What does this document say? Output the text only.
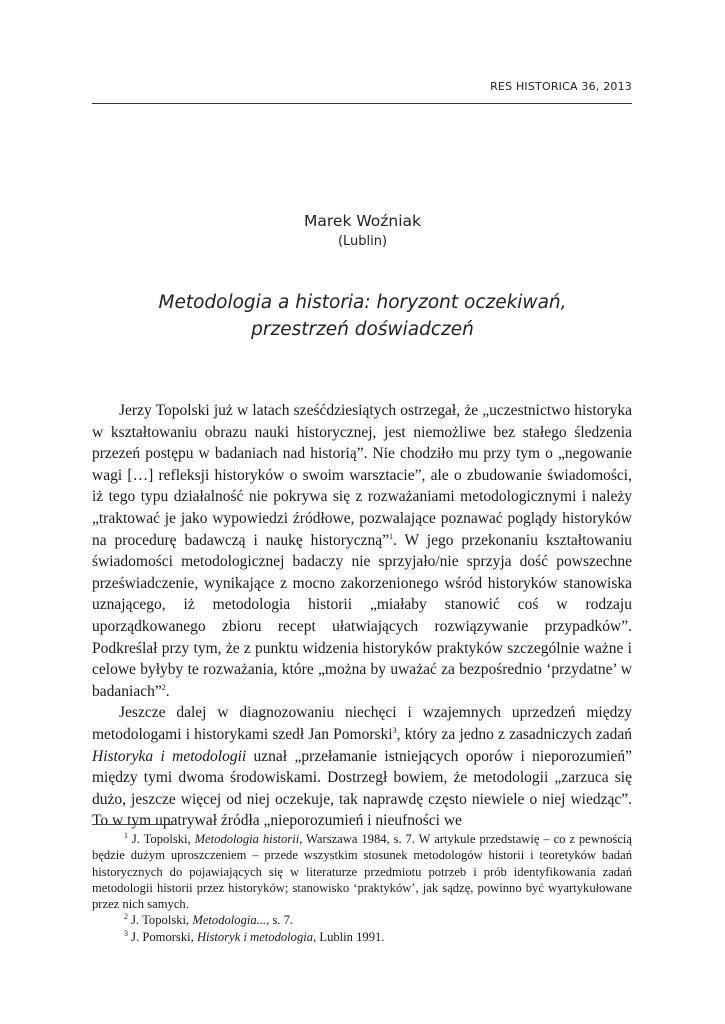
RES HISTORICA 36, 2013
Marek Woźniak
(Lublin)
Metodologia a historia: horyzont oczekiwań,
przestrzeń doświadczeń

Jerzy Topolski już w latach sześćdziesiątych ostrzegał, że „uczestnictwo historyka w kształtowaniu obrazu nauki historycznej, jest niemożliwe bez stałego śledzenia przezeń postępu w badaniach nad historią”. Nie chodziło mu przy tym o „negowanie wagi […] refleksji historyków o swoim warsztacie”, ale o zbudowanie świadomości, iż tego typu działalność nie pokrywa się z rozważaniami metodologicznymi i należy „traktować je jako wypowiedzi źródłowe, pozwalające poznawać poglądy historyków na procedurę badawczą i naukę historyczną”$^1$. W jego przekonaniu kształtowaniu świadomości metodologicznej badaczy nie sprzyjało/nie sprzyja dość powszechne przeświadczenie, wynikające z mocno zakorzenionego wśród historyków stanowiska uznającego, iż metodologia historii „miałaby stanowić coś w rodzaju uporządkowanego zbioru recept ułatwiających rozwiązywanie przypadków”. Podkreślał przy tym, że z punktu widzenia historyków praktyków szczególnie ważne i celowe byłyby te rozważania, które „można by uważać za bezpośrednio ‘przydatne’ w badaniach”$^2$.

Jeszcze dalej w diagnozowaniu niechęci i wzajemnych uprzedzeń między metodologami i historykami szedł Jan Pomorski$^3$, który za jedno z zasadniczych zadań Historyka i metodologii uznał „przełamanie istniejących oporów i nieporozumień” między tymi dwoma środowiskami. Dostrzegł bowiem, że metodologii „zarzuca się dużo, jeszcze więcej od niej oczekuje, tak naprawdę często niewiele o niej wiedząc”. To w tym upatrywał źródła „nieporozumień i nieufności we

$^1$ J. Topolski, Metodologia historii, Warszawa 1984, s. 7. W artykule przedstawię – co z pewnością będzie dużym uproszczeniem – przede wszystkim stosunek metodologów historii i teoretyków badań historycznych do pojawiających się w literaturze przedmiotu potrzeb i prób identyfikowania zadań metodologii historii przez historyków; stanowisko ‘praktyków’, jak sądzę, powinno być wyartykułowane przez nich samych.

$^2$ J. Topolski, Metodologia..., s. 7.

$^3$ J. Pomorski, Historyk i metodologia, Lublin 1991.
